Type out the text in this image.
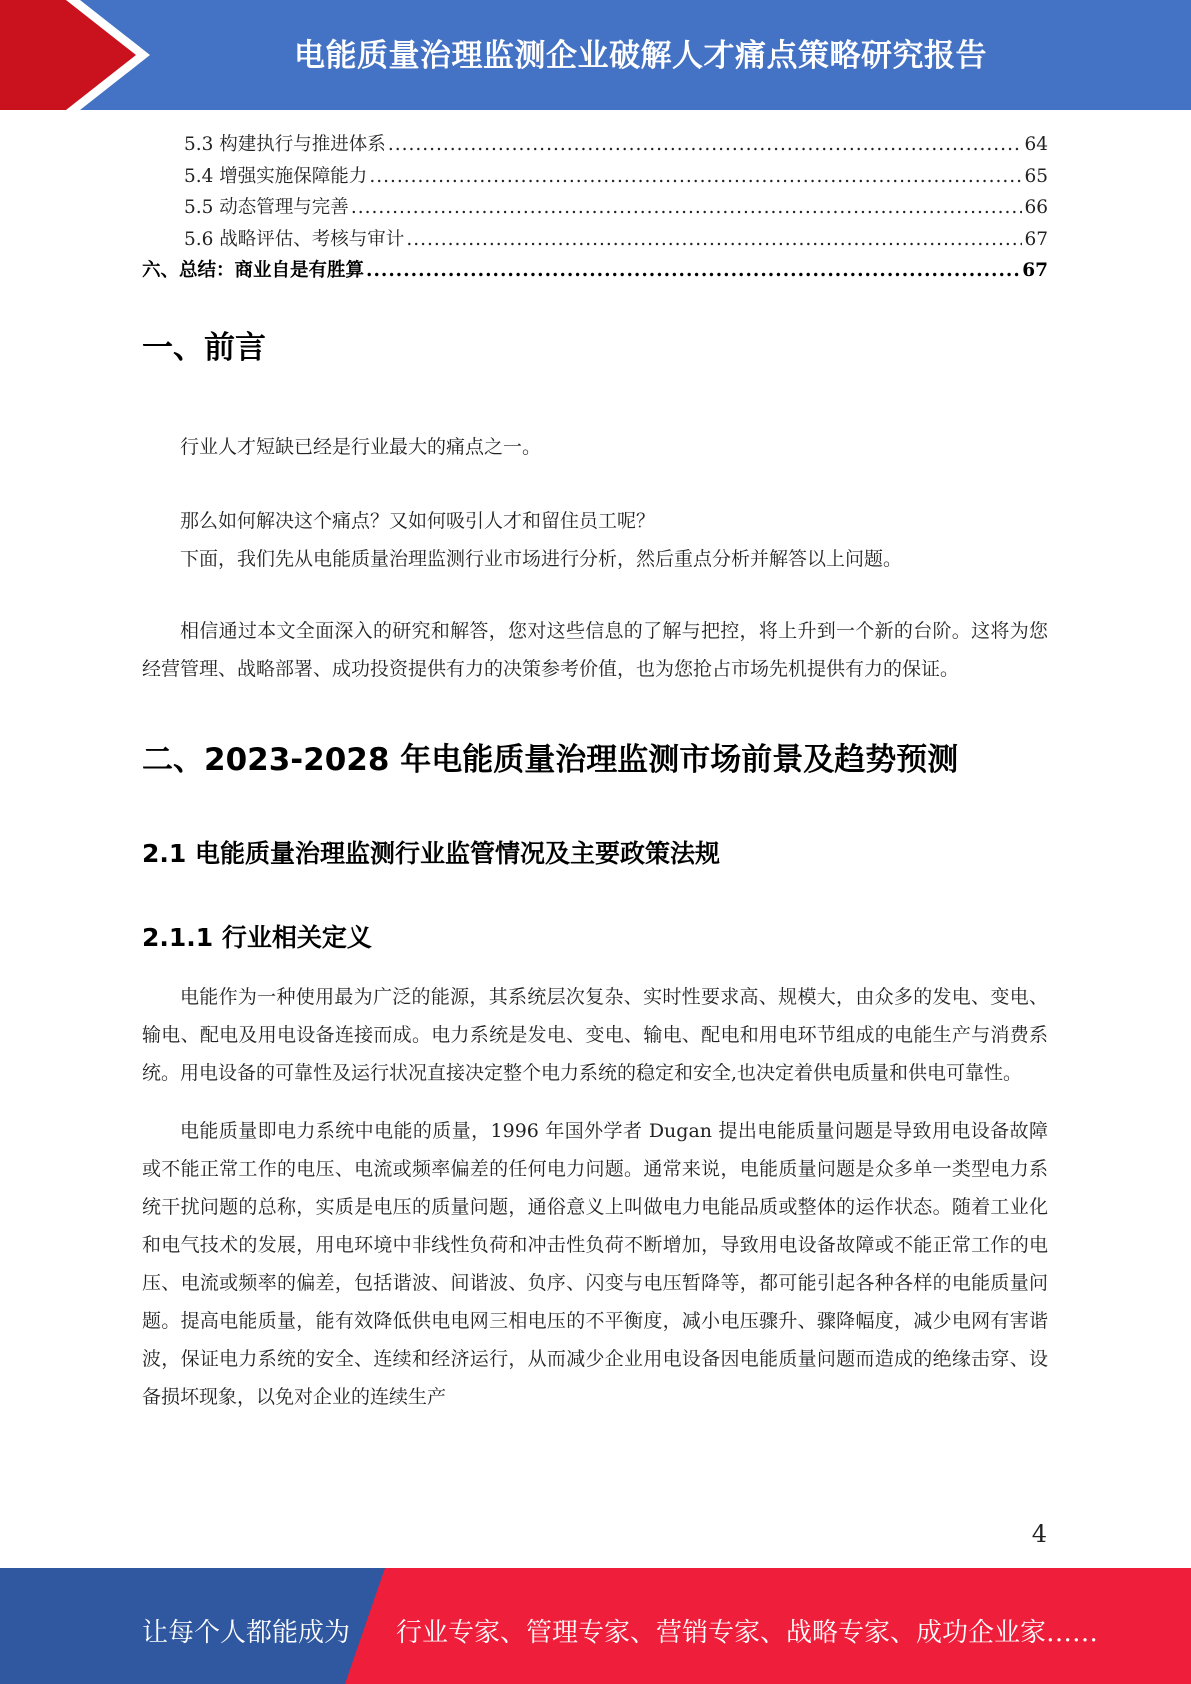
电能质量治理监测企业破解人才痛点策略研究报告
5.3 构建执行与推进体系 .....	64
5.4 增强实施保障能力 .....	65
5.5 动态管理与完善 .....	66
5.6 战略评估、考核与审计 .....	67
六、总结：商业自是有胜算 .....	67
一、前言

行业人才短缺已经是行业最大的痛点之一。

那么如何解决这个痛点？又如何吸引人才和留住员工呢？

下面，我们先从电能质量治理监测行业市场进行分析，然后重点分析并解答以上问题。

相信通过本文全面深入的研究和解答，您对这些信息的了解与把控，将上升到一个新的台阶。这将为您经营管理、战略部署、成功投资提供有力的决策参考价值，也为您抢占市场先机提供有力的保证。

二、2023-2028 年电能质量治理监测市场前景及趋势预测
2.1 电能质量治理监测行业监管情况及主要政策法规
2.1.1 行业相关定义

电能作为一种使用最为广泛的能源，其系统层次复杂、实时性要求高、规模大，由众多的发电、变电、输电、配电及用电设备连接而成。电力系统是发电、变电、输电、配电和用电环节组成的电能生产与消费系统。用电设备的可靠性及运行状况直接决定整个电力系统的稳定和安全,也决定着供电质量和供电可靠性。

电能质量即电力系统中电能的质量，1996 年国外学者 Dugan 提出电能质量问题是导致用电设备故障或不能正常工作的电压、电流或频率偏差的任何电力问题。通常来说，电能质量问题是众多单一类型电力系统干扰问题的总称，实质是电压的质量问题，通俗意义上叫做电力电能品质或整体的运作状态。随着工业化和电气技术的发展，用电环境中非线性负荷和冲击性负荷不断增加，导致用电设备故障或不能正常工作的电压、电流或频率的偏差，包括谐波、间谐波、负序、闪变与电压暂降等，都可能引起各种各样的电能质量问题。提高电能质量，能有效降低供电电网三相电压的不平衡度，减小电压骤升、骤降幅度，减少电网有害谐波，保证电力系统的安全、连续和经济运行，从而减少企业用电设备因电能质量问题而造成的绝缘击穿、设备损坏现象，以免对企业的连续生产

4
让每个人都能成为 行业专家、管理专家、营销专家、战略专家、成功企业家……
